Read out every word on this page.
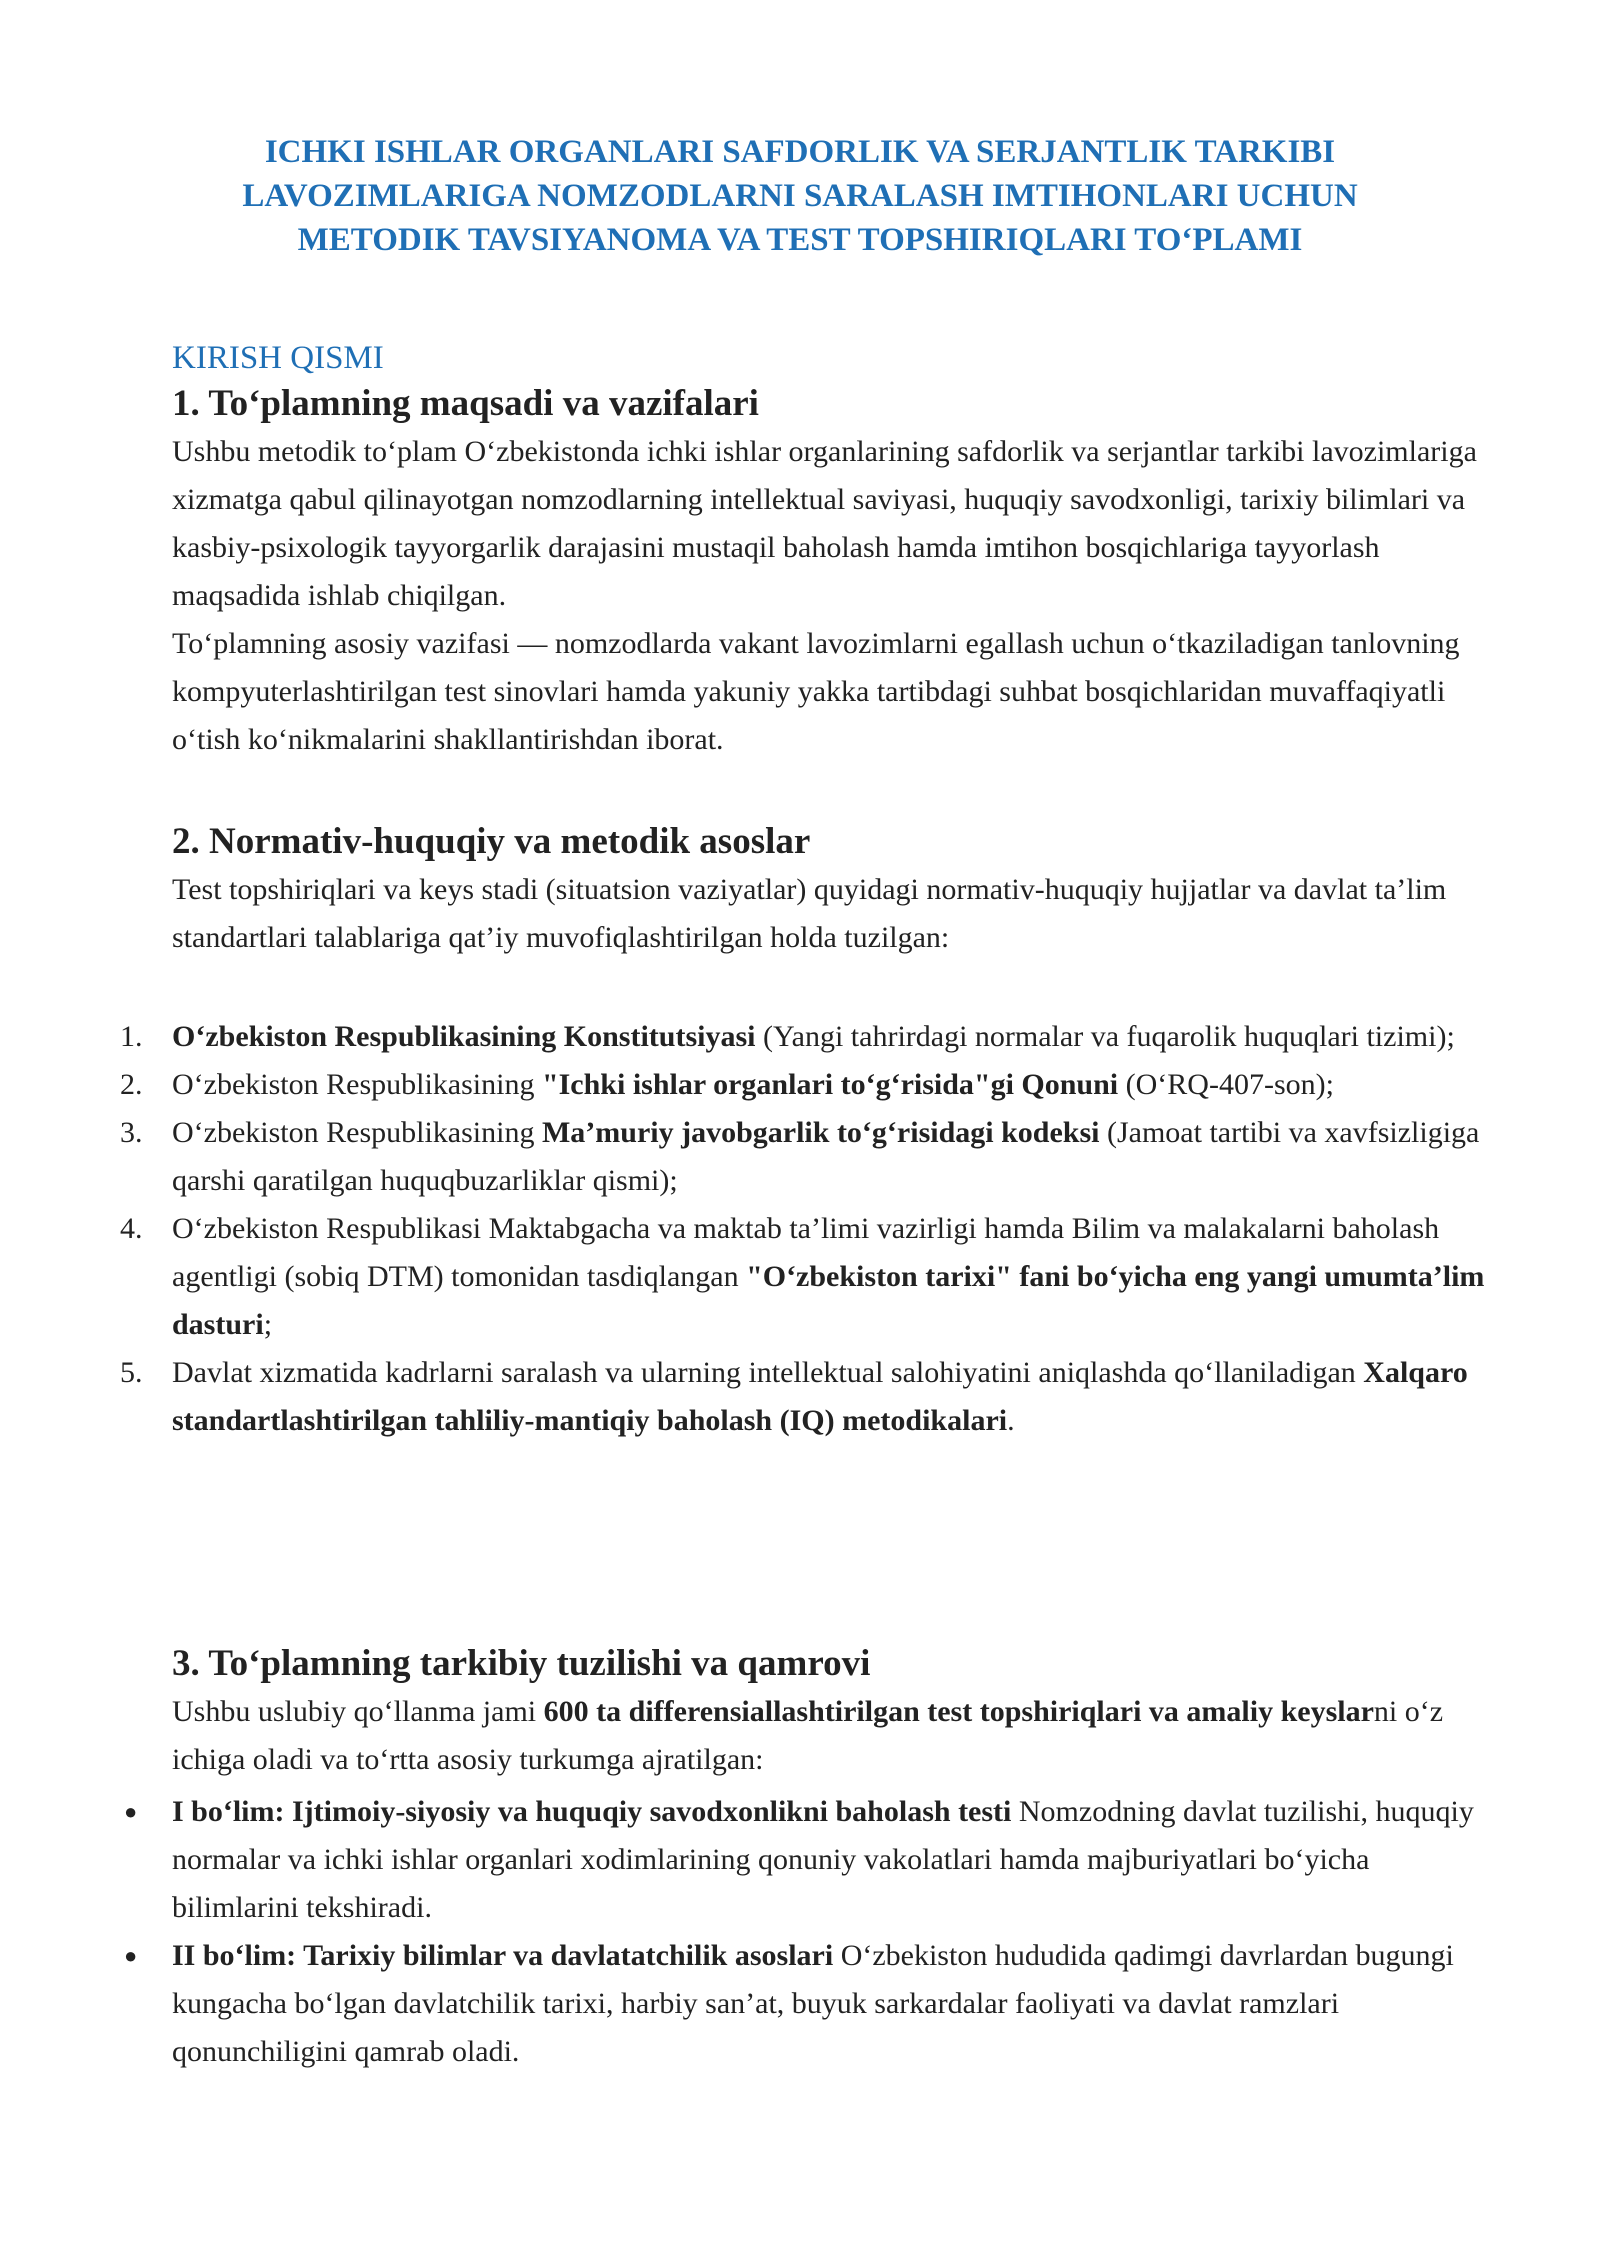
ICHKI ISHLAR ORGANLARI SAFDORLIK VA SERJANTLIK TARKIBI
LAVOZIMLARIGA NOMZODLARNI SARALASH IMTIHONLARI UCHUN
METODIK TAVSIYANOMA VA TEST TOPSHIRIQLARI TO‘PLAMI
KIRISH QISMI
1. To‘plamning maqsadi va vazifalari

Ushbu metodik to‘plam O‘zbekistonda ichki ishlar organlarining safdorlik va serjantlar tarkibi lavozimlariga xizmatga qabul qilinayotgan nomzodlarning intellektual saviyasi, huquqiy savodxonligi, tarixiy bilimlari va kasbiy-psixologik tayyorgarlik darajasini mustaqil baholash hamda imtihon bosqichlariga tayyorlash maqsadida ishlab chiqilgan.

To‘plamning asosiy vazifasi — nomzodlarda vakant lavozimlarni egallash uchun o‘tkaziladigan tanlovning kompyuterlashtirilgan test sinovlari hamda yakuniy yakka tartibdagi suhbat bosqichlaridan muvaffaqiyatli o‘tish ko‘nikmalarini shakllantirishdan iborat.

2. Normativ-huquqiy va metodik asoslar

Test topshiriqlari va keys stadi (situatsion vaziyatlar) quyidagi normativ-huquqiy hujjatlar va davlat ta’lim standartlari talablariga qat’iy muvofiqlashtirilgan holda tuzilgan:

1. O‘zbekiston Respublikasining Konstitutsiyasi (Yangi tahrirdagi normalar va fuqarolik huquqlari tizimi);
2. O‘zbekiston Respublikasining "Ichki ishlar organlari to‘g‘risida"gi Qonuni (O‘RQ-407-son);
3. O‘zbekiston Respublikasining Ma’muriy javobgarlik to‘g‘risidagi kodeksi (Jamoat tartibi va xavfsizligiga qarshi qaratilgan huquqbuzarliklar qismi);
4. O‘zbekiston Respublikasi Maktabgacha va maktab ta’limi vazirligi hamda Bilim va malakalarni baholash agentligi (sobiq DTM) tomonidan tasdiqlangan "O‘zbekiston tarixi" fani bo‘yicha eng yangi umumta’lim dasturi;
5. Davlat xizmatida kadrlarni saralash va ularning intellektual salohiyatini aniqlashda qo‘llaniladigan Xalqaro standartlashtirilgan tahliliy-mantiqiy baholash (IQ) metodikalari.
3. To‘plamning tarkibiy tuzilishi va qamrovi

Ushbu uslubiy qo‘llanma jami 600 ta differensiallashtirilgan test topshiriqlari va amaliy keyslarni o‘z ichiga oladi va to‘rtta asosiy turkumga ajratilgan:

● I bo‘lim: Ijtimoiy-siyosiy va huquqiy savodxonlikni baholash testi Nomzodning davlat tuzilishi, huquqiy normalar va ichki ishlar organlari xodimlarining qonuniy vakolatlari hamda majburiyatlari bo‘yicha bilimlarini tekshiradi.
● II bo‘lim: Tarixiy bilimlar va davlatatchilik asoslari O‘zbekiston hududida qadimgi davrlardan bugungi kungacha bo‘lgan davlatchilik tarixi, harbiy san’at, buyuk sarkardalar faoliyati va davlat ramzlari qonunchiligini qamrab oladi.
